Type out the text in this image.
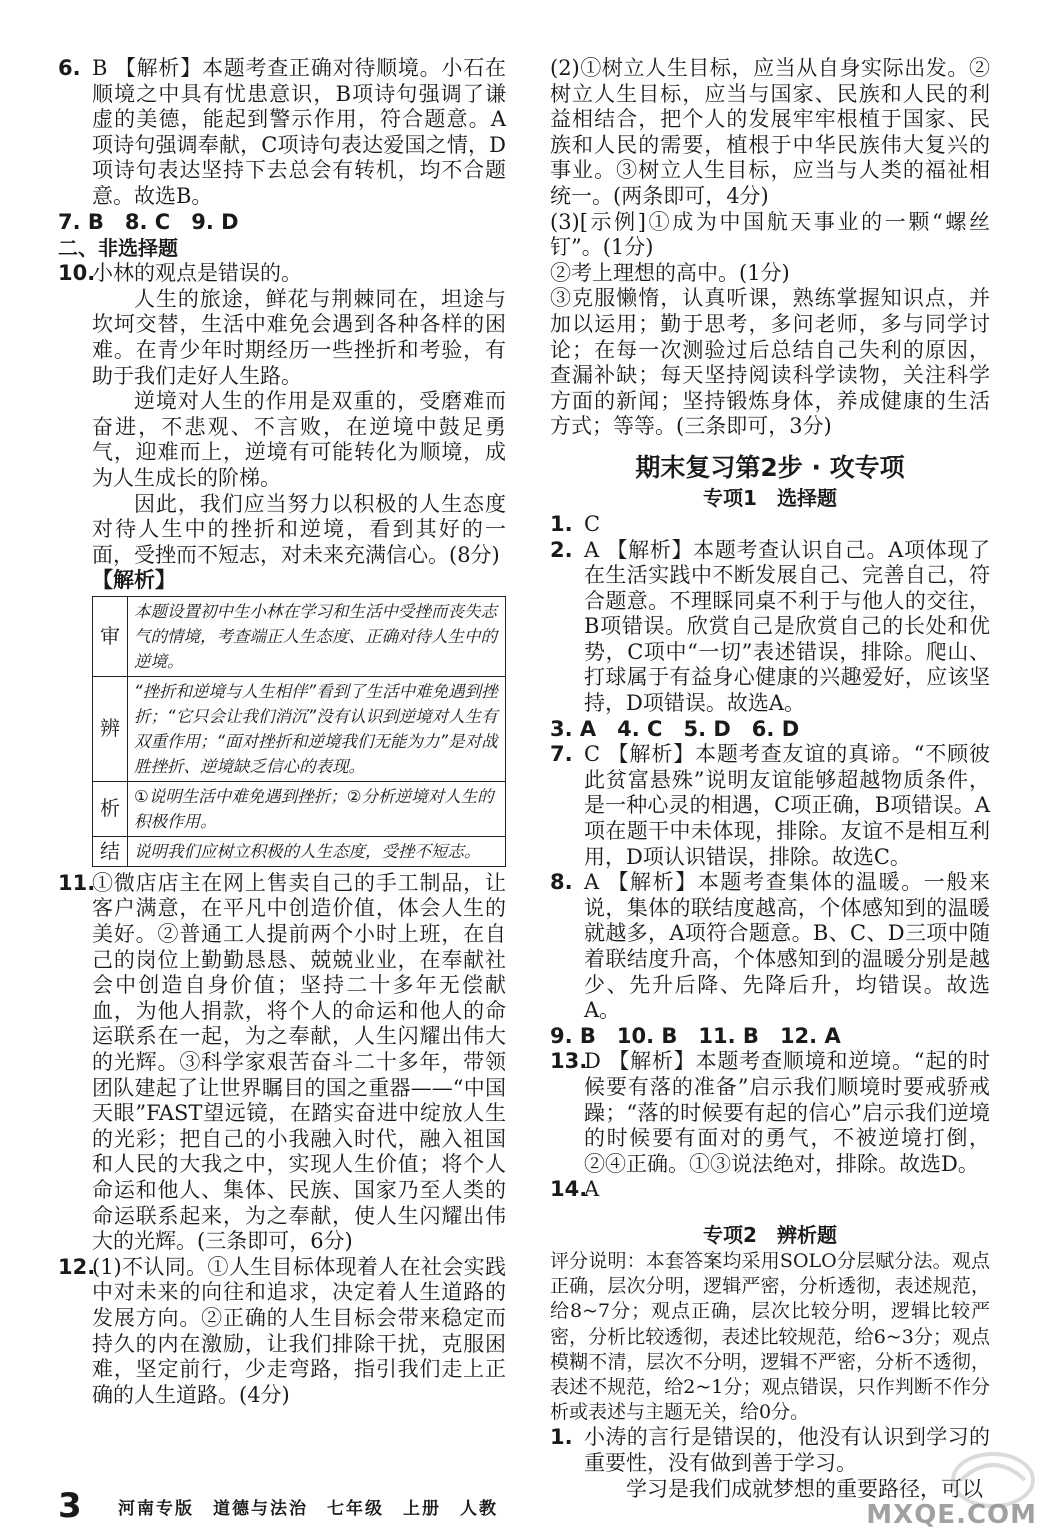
6. B 【解析】本题考查正确对待顺境。小石在顺境之中具有忧患意识，B项诗句强调了谦虚的美德，能起到警示作用，符合题意。A项诗句强调奉献，C项诗句表达爱国之情，D项诗句表达坚持下去总会有转机，均不合题意。故选B。
7. B　8. C　9. D
二、非选择题
10.
小林的观点是错误的。
人生的旅途，鲜花与荆棘同在，坦途与坎坷交替，生活中难免会遇到各种各样的困难。在青少年时期经历一些挫折和考验，有助于我们走好人生路。
逆境对人生的作用是双重的，受磨难而奋进，不悲观、不言败，在逆境中鼓足勇气，迎难而上，逆境有可能转化为顺境，成为人生成长的阶梯。
因此，我们应当努力以积极的人生态度对待人生中的挫折和逆境，看到其好的一面，受挫而不短志，对未来充满信心。(8分)
【解析】
审	本题设置初中生小林在学习和生活中受挫而丧失志气的情境，考查端正人生态度、正确对待人生中的逆境。
辨	“挫折和逆境与人生相伴”看到了生活中难免遇到挫折；“它只会让我们消沉”没有认识到逆境对人生有双重作用；“面对挫折和逆境我们无能为力”是对战胜挫折、逆境缺乏信心的表现。
析	①说明生活中难免遇到挫折；②分析逆境对人生的积极作用。
结	说明我们应树立积极的人生态度，受挫不短志。
11.
①微店店主在网上售卖自己的手工制品，让客户满意，在平凡中创造价值，体会人生的美好。②普通工人提前两个小时上班，在自己的岗位上勤勤恳恳、兢兢业业，在奉献社会中创造自身价值；坚持二十多年无偿献血，为他人捐款，将个人的命运和他人的命运联系在一起，为之奉献，人生闪耀出伟大的光辉。③科学家艰苦奋斗二十多年，带领团队建起了让世界瞩目的国之重器——“中国天眼”FAST望远镜，在踏实奋进中绽放人生的光彩；把自己的小我融入时代，融入祖国和人民的大我之中，实现人生价值；将个人命运和他人、集体、民族、国家乃至人类的命运联系起来，为之奉献，使人生闪耀出伟大的光辉。(三条即可，6分)
12.
(1)不认同。①人生目标体现着人在社会实践中对未来的向往和追求，决定着人生道路的发展方向。②正确的人生目标会带来稳定而持久的内在激励，让我们排除干扰，克服困难，坚定前行，少走弯路，指引我们走上正确的人生道路。(4分)
(2)①树立人生目标，应当从自身实际出发。②树立人生目标，应当与国家、民族和人民的利益相结合，把个人的发展牢牢根植于国家、民族和人民的需要，植根于中华民族伟大复兴的事业。③树立人生目标，应当与人类的福祉相统一。(两条即可，4分)
(3)[示例]①成为中国航天事业的一颗“螺丝钉”。(1分)
②考上理想的高中。(1分)
③克服懒惰，认真听课，熟练掌握知识点，并加以运用；勤于思考，多问老师，多与同学讨论；在每一次测验过后总结自己失利的原因，查漏补缺；每天坚持阅读科学读物，关注科学方面的新闻；坚持锻炼身体，养成健康的生活方式；等等。(三条即可，3分)
期末复习第2步 · 攻专项
专项1　选择题
1. C
2. A 【解析】本题考查认识自己。A项体现了在生活实践中不断发展自己、完善自己，符合题意。不理睬同桌不利于与他人的交往，B项错误。欣赏自己是欣赏自己的长处和优势，C项中“一切”表述错误，排除。爬山、打球属于有益身心健康的兴趣爱好，应该坚持，D项错误。故选A。
3. A　4. C　5. D　6. D
7. C 【解析】本题考查友谊的真谛。“不顾彼此贫富悬殊”说明友谊能够超越物质条件，是一种心灵的相遇，C项正确，B项错误。A项在题干中未体现，排除。友谊不是相互利用，D项认识错误，排除。故选C。
8. A 【解析】本题考查集体的温暖。一般来说，集体的联结度越高，个体感知到的温暖就越多，A项符合题意。B、C、D三项中随着联结度升高，个体感知到的温暖分别是越少、先升后降、先降后升，均错误。故选A。
9. B　10. B　11. B　12. A
13.
D 【解析】本题考查顺境和逆境。“起的时候要有落的准备”启示我们顺境时要戒骄戒躁；“落的时候要有起的信心”启示我们逆境的时候要有面对的勇气，不被逆境打倒，②④正确。①③说法绝对，排除。故选D。
14.
A
专项2　辨析题
评分说明：本套答案均采用SOLO分层赋分法。观点正确，层次分明，逻辑严密，分析透彻，表述规范，给8~7分；观点正确，层次比较分明，逻辑比较严密，分析比较透彻，表述比较规范，给6~3分；观点模糊不清，层次不分明，逻辑不严密，分析不透彻，表述不规范，给2~1分；观点错误，只作判断不作分析或表述与主题无关，给0分。
1. 小涛的言行是错误的，他没有认识到学习的重要性，没有做到善于学习。
学习是我们成就梦想的重要路径，可以
3	河南专版　道德与法治　七年级　上册　人教	MXQE.COM
